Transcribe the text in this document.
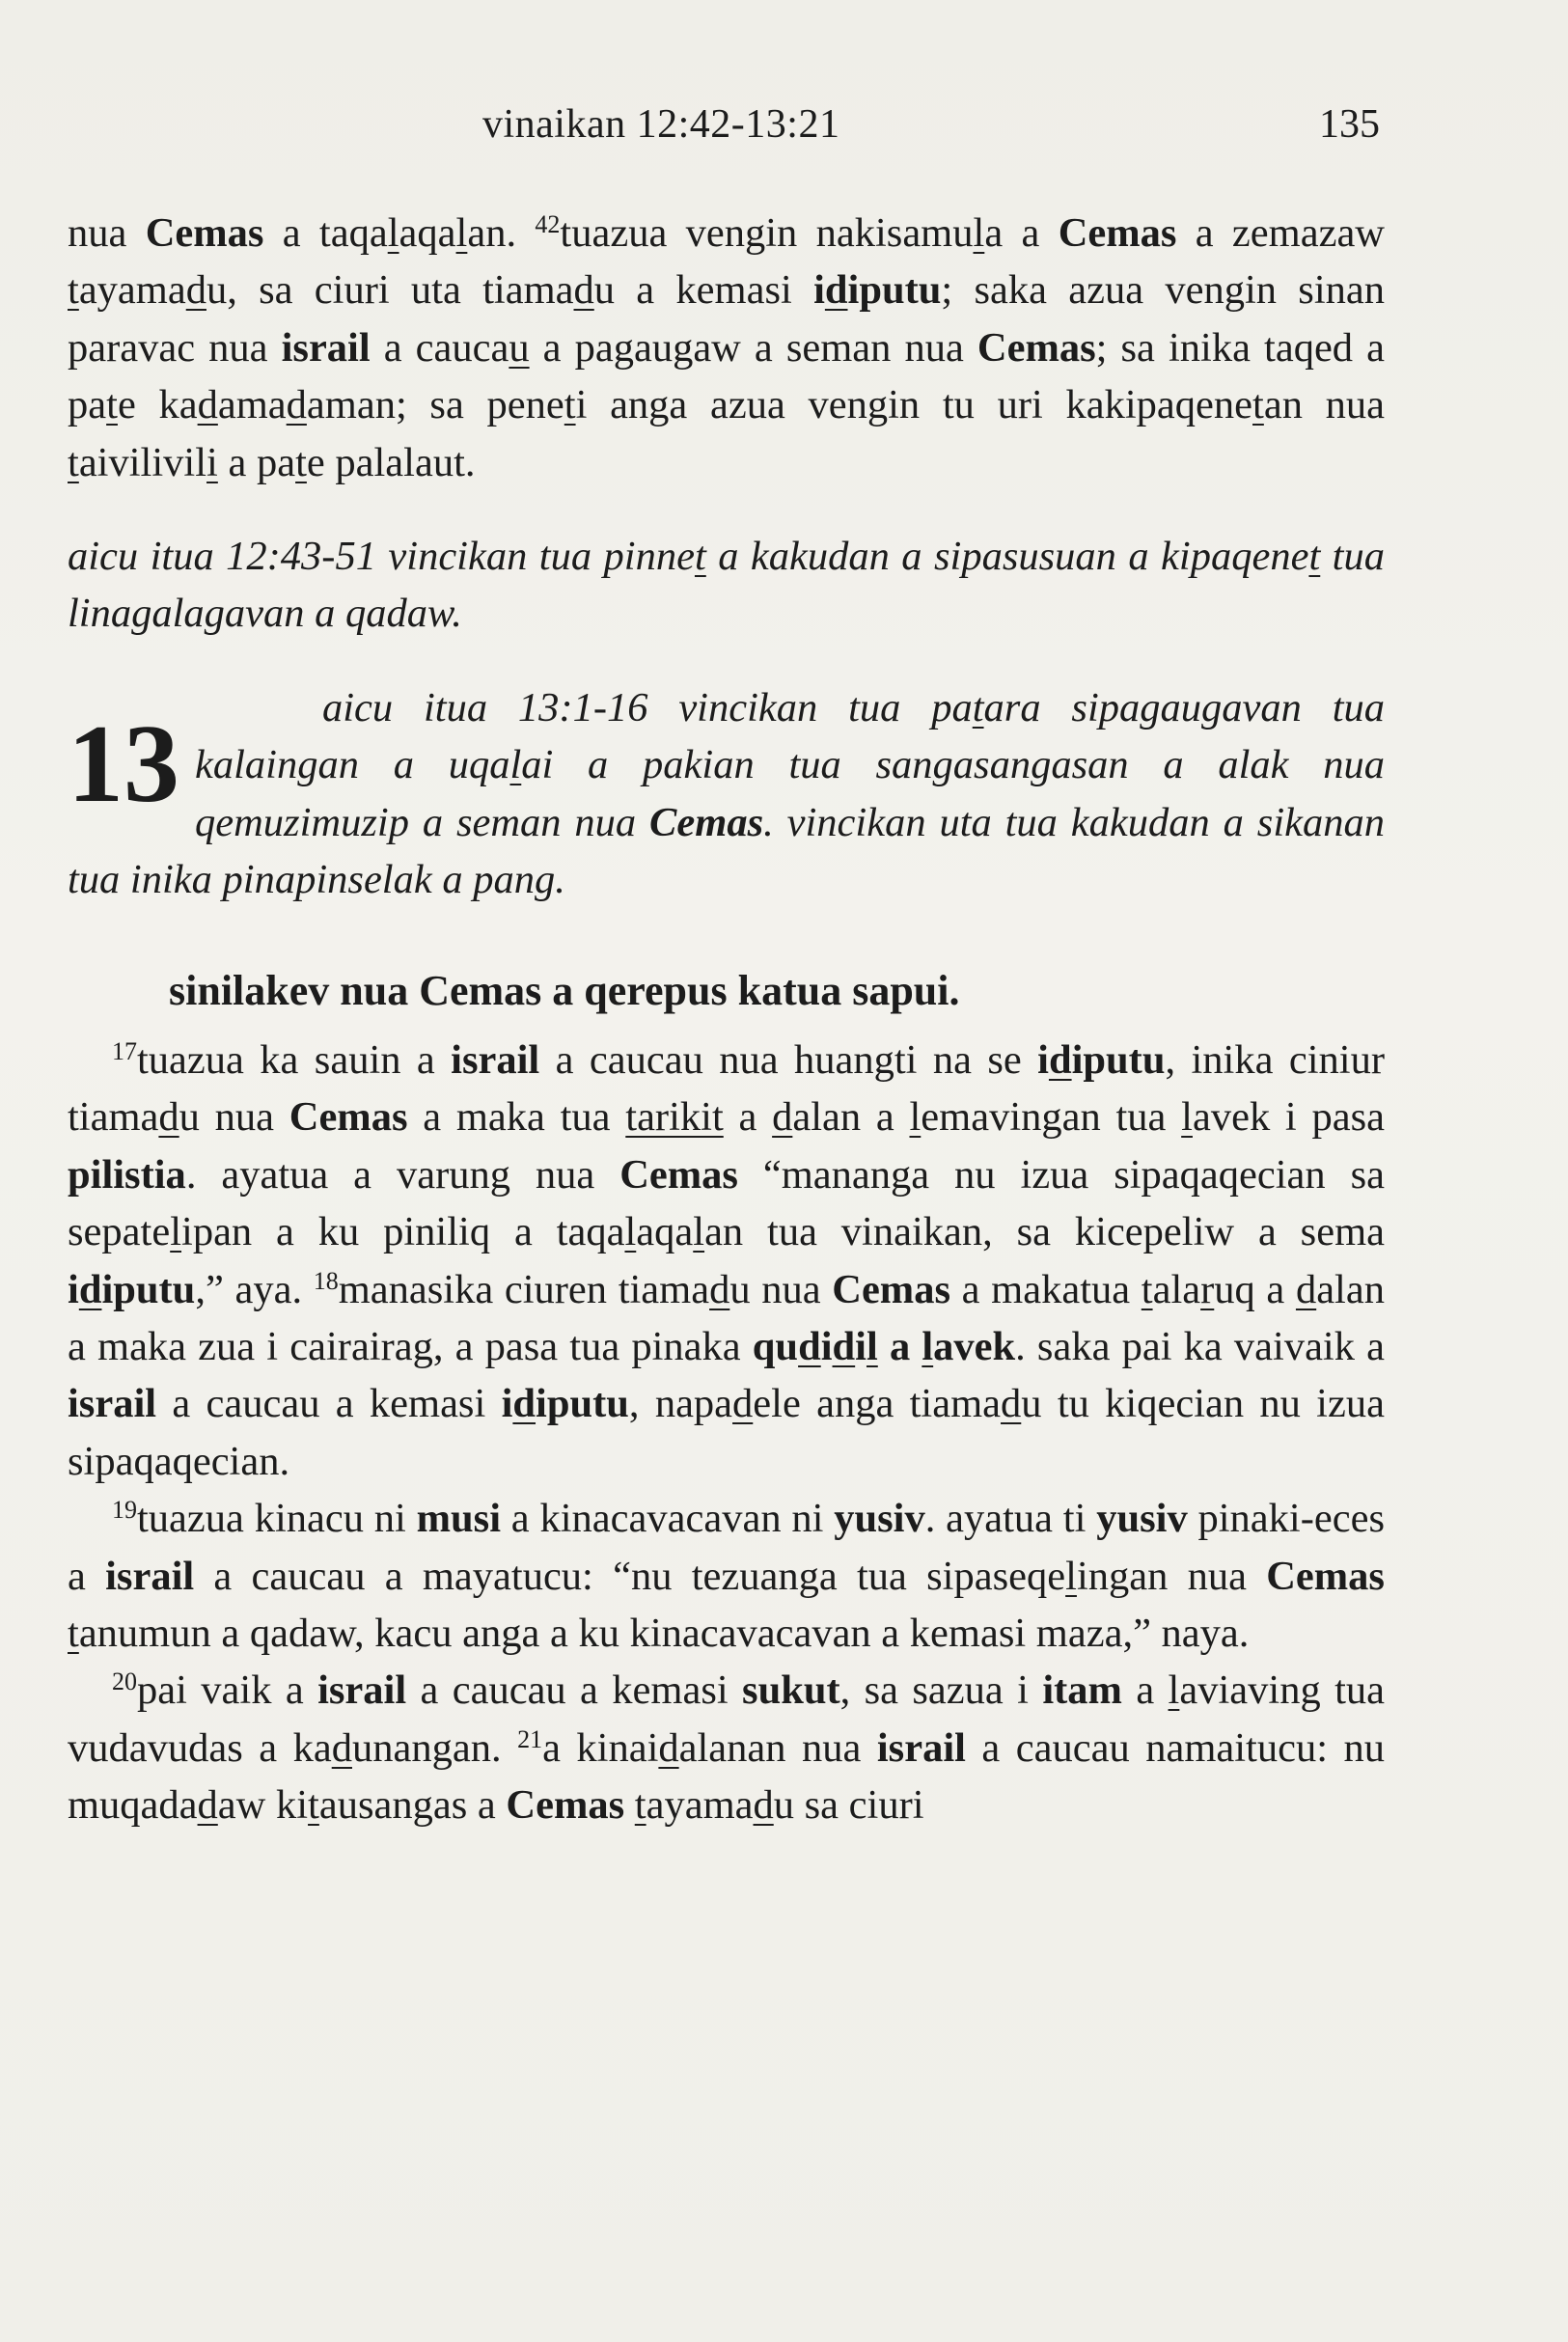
vinaikan 12:42-13:21	135

nua Cemas a taqalaqalan. $^{42}$tuazua vengin nakisamula a Cemas a zemazaw tayamadu, sa ciuri uta tiamadu a kemasi idiputu; saka azua vengin sinan paravac nua israil a caucau a pagaugaw a seman nua Cemas; sa inika taqed a pate kadamadaman; sa peneti anga azua vengin tu uri kakipaqenetan nua taivilivili a pate palalaut.

aicu itua 12:43-51 vincikan tua pinnet a kakudan a sipasusuan a kipaqenet tua linagalagavan a qadaw.

13	aicu itua 13:1-16 vincikan tua patara sipagaugavan tua kalaingan a uqalai a pakian tua sangasangasan a alak nua qemuzimuzip a seman nua Cemas. vincikan uta tua kakudan a sikanan tua inika pinapinselak a pang.

sinilakev nua Cemas a qerepus katua sapui.

$^{17}$tuazua ka sauin a israil a caucau nua huangti na se idiputu, inika ciniur tiamadu nua Cemas a maka tua tarikit a dalan a lemavingan tua lavek i pasa pilistia. ayatua a varung nua Cemas “mananga nu izua sipaqaqecian sa sepatelipan a ku piniliq a taqalaqalan tua vinaikan, sa kicepeliw a sema idiputu,” aya. $^{18}$manasika ciuren tiamadu nua Cemas a makatua talaruq a dalan a maka zua i cairairag, a pasa tua pinaka qudidil a lavek. saka pai ka vaivaik a israil a caucau a kemasi idiputu, napadele anga tiamadu tu kiqecian nu izua sipaqaqecian.

$^{19}$tuazua kinacu ni musi a kinacavacavan ni yusiv. ayatua ti yusiv pinaki-eces a israil a caucau a mayatucu: “nu tezuanga tua sipaseqelingan nua Cemas tanumun a qadaw, kacu anga a ku kinacavacavan a kemasi maza,” naya.

$^{20}$pai vaik a israil a caucau a kemasi sukut, sa sazua i itam a laviaving tua vudavudas a kadunangan. $^{21}$a kinaidalanan nua israil a caucau namaitucu: nu muqadadaw kitausangas a Cemas tayamadu sa ciuri
